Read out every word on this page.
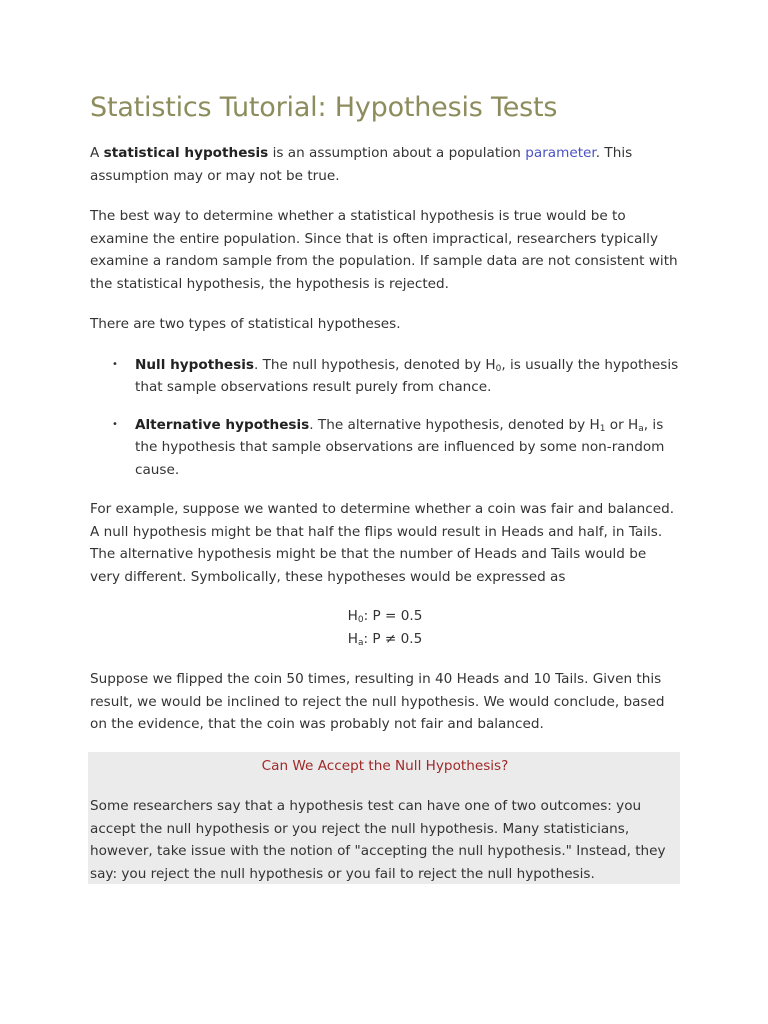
Statistics Tutorial: Hypothesis Tests

A statistical hypothesis is an assumption about a population parameter. This assumption may or may not be true.

The best way to determine whether a statistical hypothesis is true would be to examine the entire population. Since that is often impractical, researchers typically examine a random sample from the population. If sample data are not consistent with the statistical hypothesis, the hypothesis is rejected.

There are two types of statistical hypotheses.

• Null hypothesis. The null hypothesis, denoted by $H_0$, is usually the hypothesis that sample observations result purely from chance.
• Alternative hypothesis. The alternative hypothesis, denoted by $H_1$ or $H_a$, is the hypothesis that sample observations are influenced by some non-random cause.

For example, suppose we wanted to determine whether a coin was fair and balanced. A null hypothesis might be that half the flips would result in Heads and half, in Tails. The alternative hypothesis might be that the number of Heads and Tails would be very different. Symbolically, these hypotheses would be expressed as

$H_0$: P = 0.5
$H_a$: P ≠ 0.5

Suppose we flipped the coin 50 times, resulting in 40 Heads and 10 Tails. Given this result, we would be inclined to reject the null hypothesis. We would conclude, based on the evidence, that the coin was probably not fair and balanced.

Can We Accept the Null Hypothesis?
Some researchers say that a hypothesis test can have one of two outcomes: you accept the null hypothesis or you reject the null hypothesis. Many statisticians, however, take issue with the notion of "accepting the null hypothesis." Instead, they say: you reject the null hypothesis or you fail to reject the null hypothesis.
